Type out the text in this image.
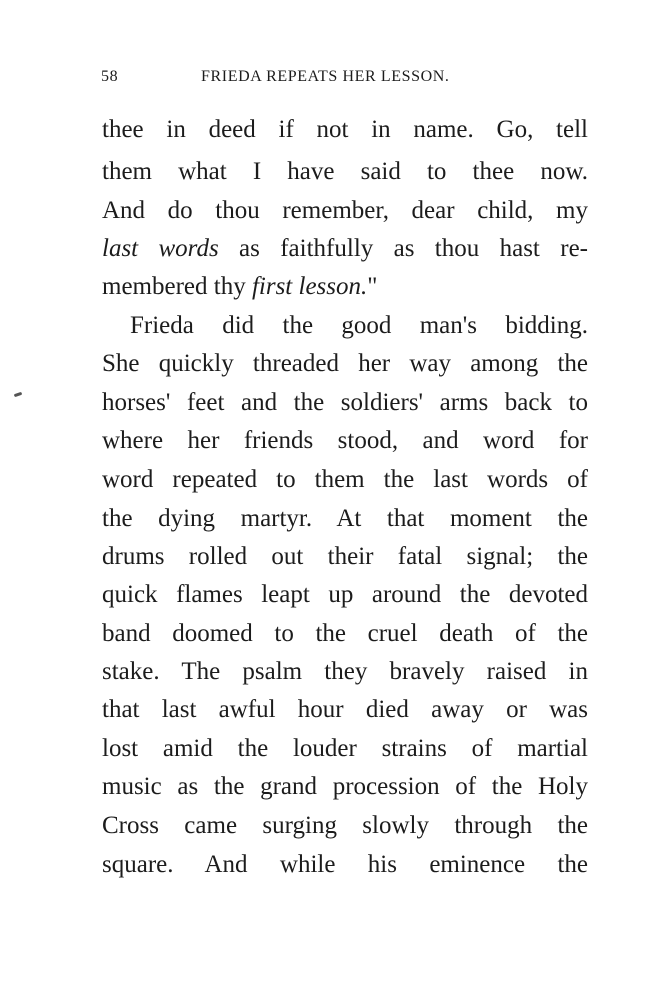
58	FRIEDA REPEATS HER LESSON.
thee in deed if not in name. Go, tell
them what I have said to thee now.
And do thou remember, dear child, my
last words as faithfully as thou hast re-
membered thy first lesson."
Frieda did the good man's bidding.
She quickly threaded her way among the
horses' feet and the soldiers' arms back to
where her friends stood, and word for
word repeated to them the last words of
the dying martyr. At that moment the
drums rolled out their fatal signal; the
quick flames leapt up around the devoted
band doomed to the cruel death of the
stake. The psalm they bravely raised in
that last awful hour died away or was
lost amid the louder strains of martial
music as the grand procession of the Holy
Cross came surging slowly through the
square. And while his eminence the
